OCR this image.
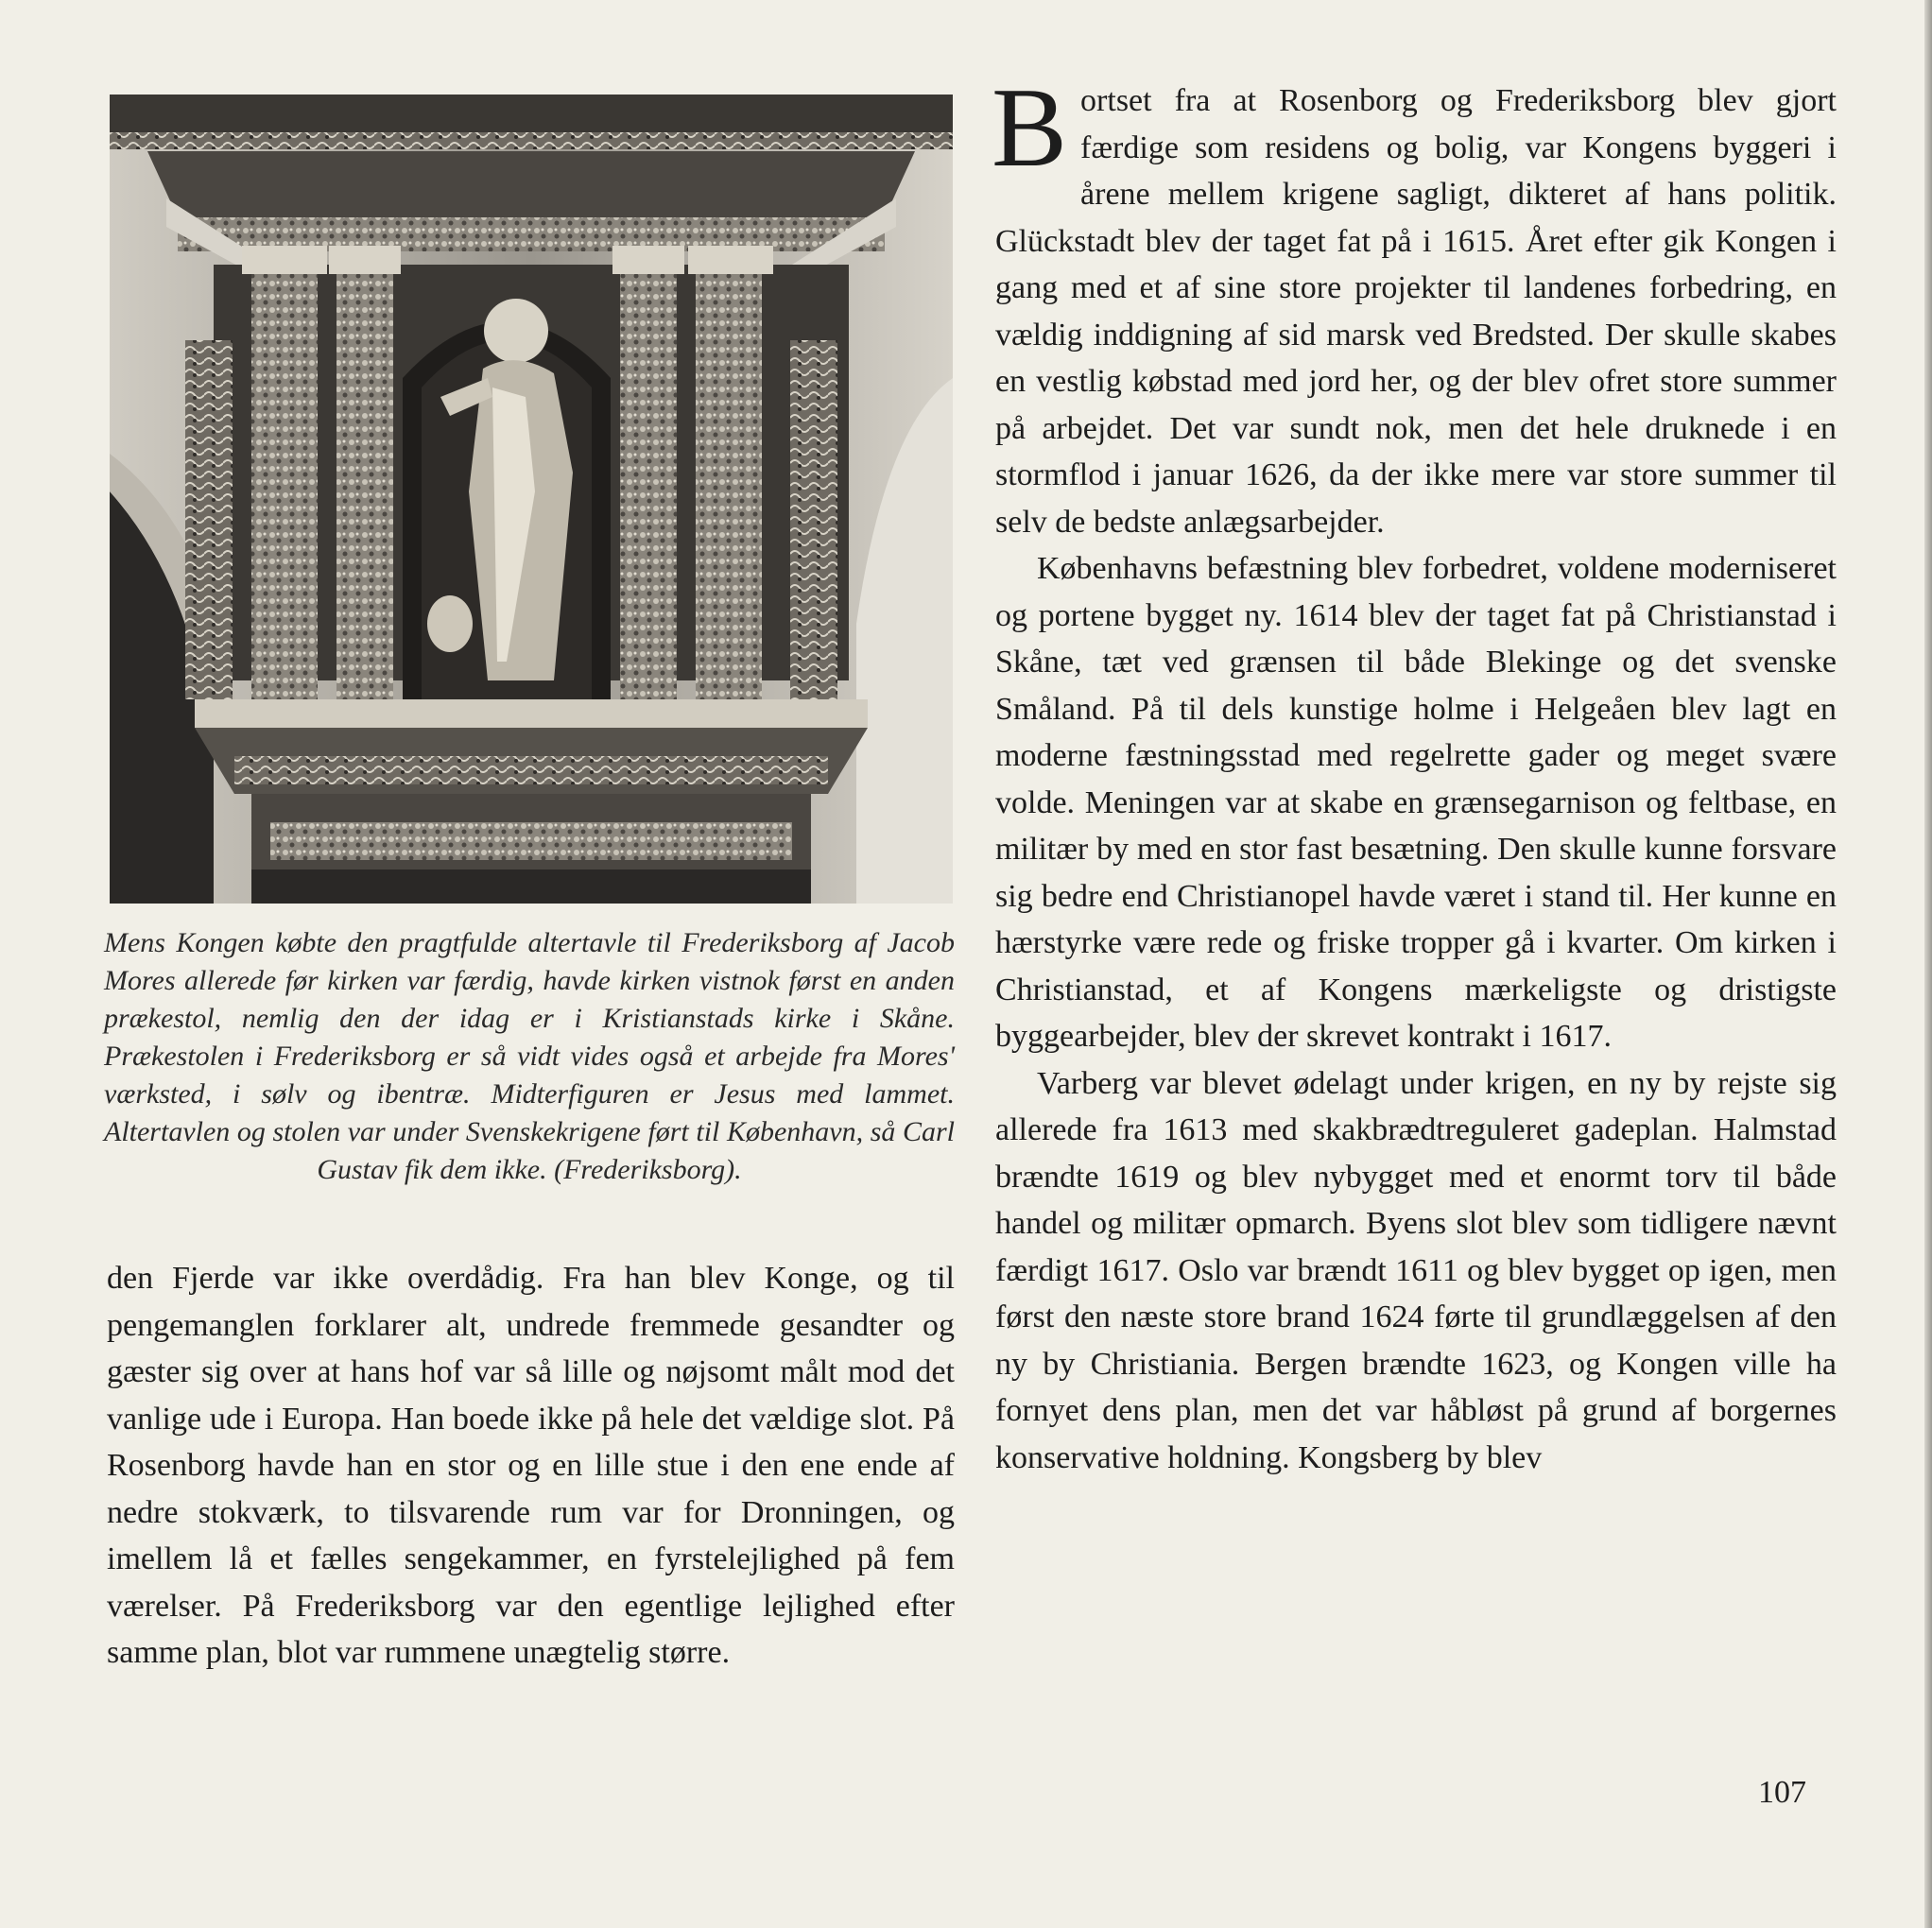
Mens Kongen købte den pragtfulde altertavle til Frederiksborg af Jacob Mores allerede før kirken var færdig, havde kirken vistnok først en anden prækestol, nemlig den der idag er i Kristianstads kirke i Skåne. Prækestolen i Frederiksborg er så vidt vides også et arbejde fra Mores' værksted, i sølv og ibentræ. Midterfiguren er Jesus med lammet. Altertavlen og stolen var under Svenskekrigene ført til København, så Carl Gustav fik dem ikke. (Frederiksborg).

den Fjerde var ikke overdådig. Fra han blev Konge, og til pengemanglen forklarer alt, undrede fremmede gesandter og gæster sig over at hans hof var så lille og nøjsomt målt mod det vanlige ude i Europa. Han boede ikke på hele det vældige slot. På Rosenborg havde han en stor og en lille stue i den ene ende af nedre stokværk, to tilsvarende rum var for Dronningen, og imellem lå et fælles sengekammer, en fyrstelejlighed på fem værelser. På Frederiksborg var den egentlige lejlighed efter samme plan, blot var rummene unægtelig større.

Bortset fra at Rosenborg og Frederiksborg blev gjort færdige som residens og bolig, var Kongens byggeri i årene mellem krigene sagligt, dikteret af hans politik. Glückstadt blev der taget fat på i 1615. Året efter gik Kongen i gang med et af sine store projekter til landenes forbedring, en vældig inddigning af sid marsk ved Bredsted. Der skulle skabes en vestlig købstad med jord her, og der blev ofret store summer på arbejdet. Det var sundt nok, men det hele druknede i en stormflod i januar 1626, da der ikke mere var store summer til selv de bedste anlægsarbejder.

Københavns befæstning blev forbedret, voldene moderniseret og portene bygget ny. 1614 blev der taget fat på Christianstad i Skåne, tæt ved grænsen til både Blekinge og det svenske Småland. På til dels kunstige holme i Helgeåen blev lagt en moderne fæstningsstad med regelrette gader og meget svære volde. Meningen var at skabe en grænsegarnison og feltbase, en militær by med en stor fast besætning. Den skulle kunne forsvare sig bedre end Christianopel havde været i stand til. Her kunne en hærstyrke være rede og friske tropper gå i kvarter. Om kirken i Christianstad, et af Kongens mærkeligste og dristigste byggearbejder, blev der skrevet kontrakt i 1617.

Varberg var blevet ødelagt under krigen, en ny by rejste sig allerede fra 1613 med skakbrædtreguleret gadeplan. Halmstad brændte 1619 og blev nybygget med et enormt torv til både handel og militær opmarch. Byens slot blev som tidligere nævnt færdigt 1617. Oslo var brændt 1611 og blev bygget op igen, men først den næste store brand 1624 førte til grundlæggelsen af den ny by Christiania. Bergen brændte 1623, og Kongen ville ha fornyet dens plan, men det var håbløst på grund af borgernes konservative holdning. Kongsberg by blev

107
